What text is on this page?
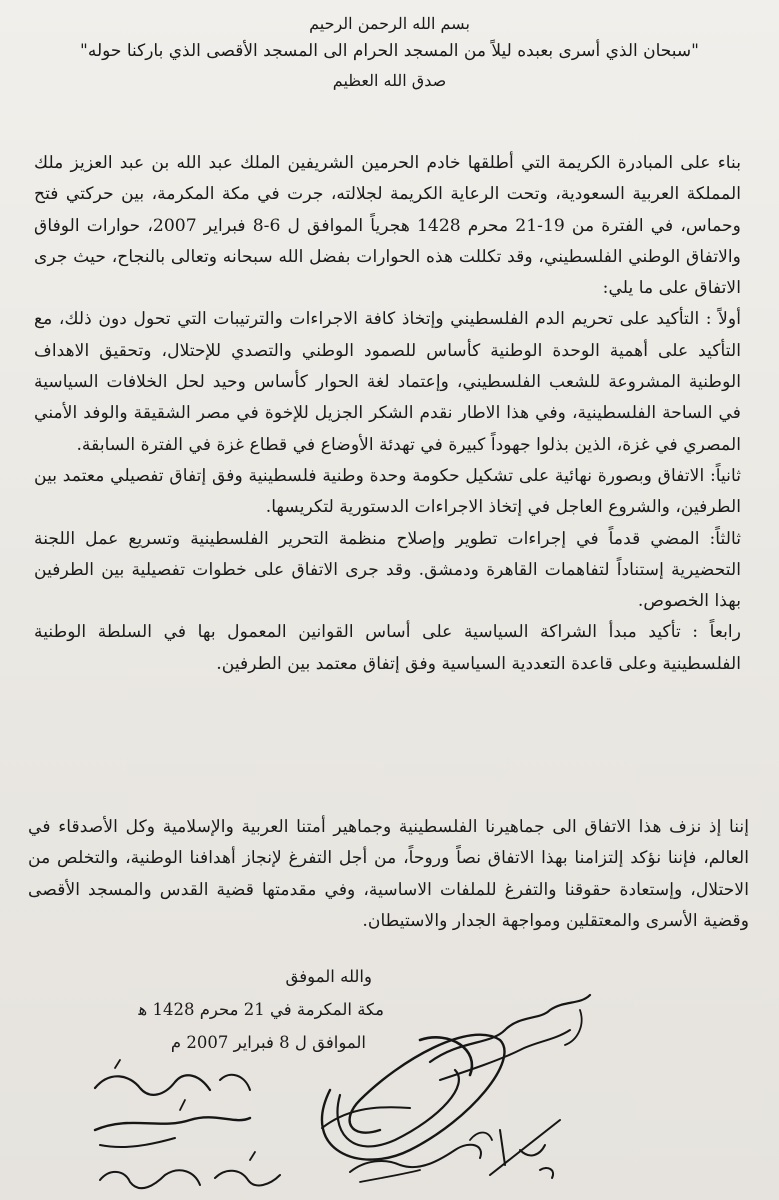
بسم الله الرحمن الرحيم

"سبحان الذي أسرى بعبده ليلاً من المسجد الحرام الى المسجد الأقصى الذي باركنا حوله"

صدق الله العظيم

بناء على المبادرة الكريمة التي أطلقها خادم الحرمين الشريفين الملك عبد الله بن عبد العزيز ملك المملكة العربية السعودية، وتحت الرعاية الكريمة لجلالته، جرت في مكة المكرمة، بين حركتي فتح وحماس، في الفترة من 19-21 محرم 1428 هجرياً الموافق ل 6-8 فبراير 2007، حوارات الوفاق والاتفاق الوطني الفلسطيني، وقد تكللت هذه الحوارات بفضل الله سبحانه وتعالى بالنجاح، حيث جرى الاتفاق على ما يلي:

أولاً : التأكيد على تحريم الدم الفلسطيني وإتخاذ كافة الاجراءات والترتيبات التي تحول دون ذلك، مع التأكيد على أهمية الوحدة الوطنية كأساس للصمود الوطني والتصدي للإحتلال، وتحقيق الاهداف الوطنية المشروعة للشعب الفلسطيني، وإعتماد لغة الحوار كأساس وحيد لحل الخلافات السياسية في الساحة الفلسطينية، وفي هذا الاطار نقدم الشكر الجزيل للإخوة في مصر الشقيقة والوفد الأمني المصري في غزة، الذين بذلوا جهوداً كبيرة في تهدئة الأوضاع في قطاع غزة في الفترة السابقة.

ثانياً: الاتفاق وبصورة نهائية على تشكيل حكومة وحدة وطنية فلسطينية وفق إتفاق تفصيلي معتمد بين الطرفين، والشروع العاجل في إتخاذ الاجراءات الدستورية لتكريسها.

ثالثاً: المضي قدماً في إجراءات تطوير وإصلاح منظمة التحرير الفلسطينية وتسريع عمل اللجنة التحضيرية إستناداً لتفاهمات القاهرة ودمشق. وقد جرى الاتفاق على خطوات تفصيلية بين الطرفين بهذا الخصوص.

رابعاً : تأكيد مبدأ الشراكة السياسية على أساس القوانين المعمول بها في السلطة الوطنية الفلسطينية وعلى قاعدة التعددية السياسية وفق إتفاق معتمد بين الطرفين.

إننا إذ نزف هذا الاتفاق الى جماهيرنا الفلسطينية وجماهير أمتنا العربية والإسلامية وكل الأصدقاء في العالم، فإننا نؤكد إلتزامنا بهذا الاتفاق نصاً وروحاً، من أجل التفرغ لإنجاز أهدافنا الوطنية، والتخلص من الاحتلال، وإستعادة حقوقنا والتفرغ للملفات الاساسية، وفي مقدمتها قضية القدس والمسجد الأقصى وقضية الأسرى والمعتقلين ومواجهة الجدار والاستيطان.

والله الموفق

مكة المكرمة في 21 محرم 1428 ﻫ

الموافق ل 8 فبراير 2007 م
